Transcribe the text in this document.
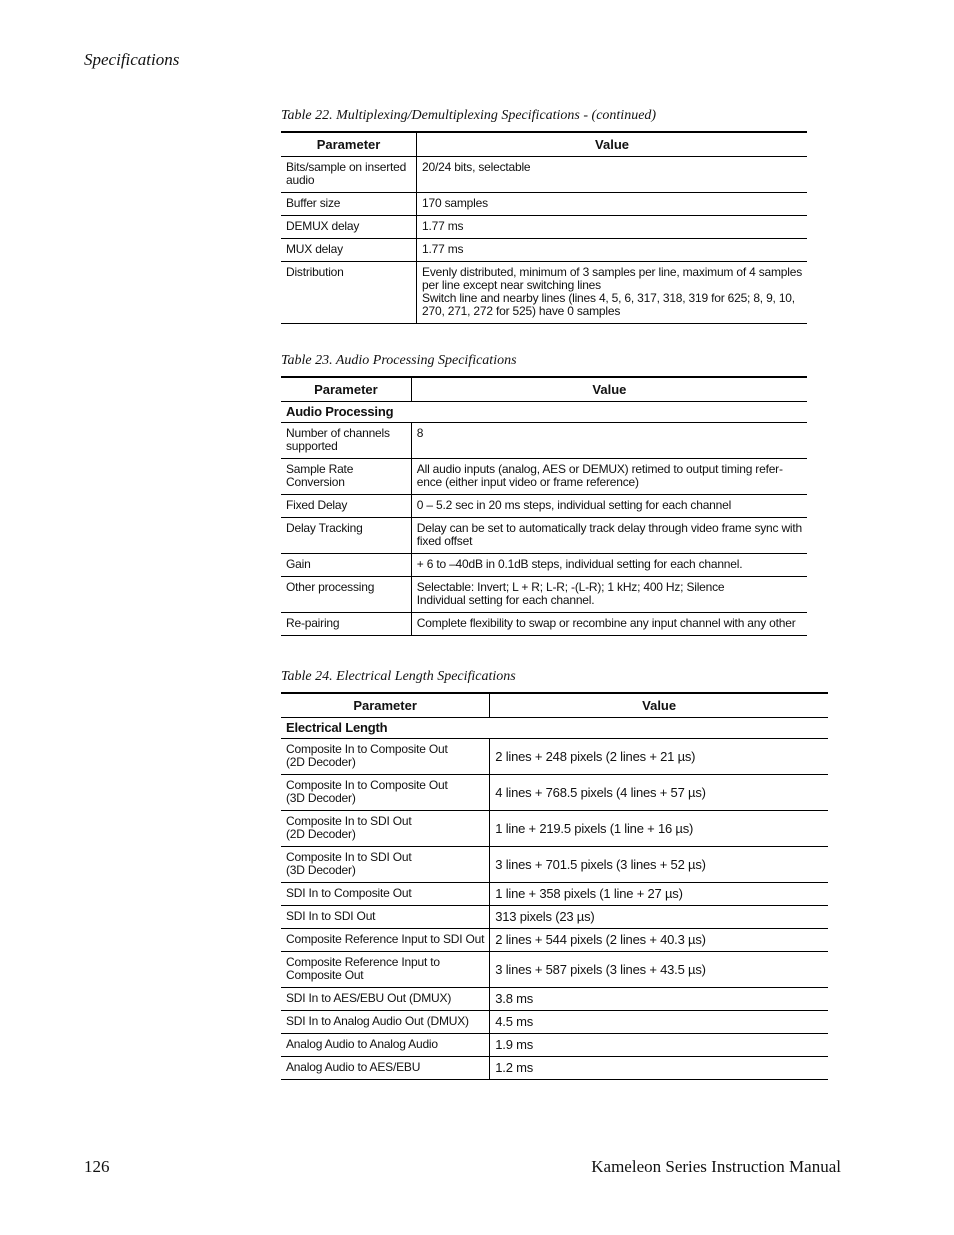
Specifications
Table 22. Multiplexing/Demultiplexing Specifications - (continued)
Parameter	Value
Bits/sample on inserted audio	20/24 bits, selectable

Buffer size	170 samples

DEMUX delay	1.77 ms

MUX delay	1.77 ms

Distribution	Evenly distributed, minimum of 3 samples per line, maximum of 4 samples
per line except near switching lines
Switch line and nearby lines (lines 4, 5, 6, 317, 318, 319 for 625; 8, 9, 10,
270, 271, 272 for 525) have 0 samples
Table 23. Audio Processing Specifications
Parameter	Value
Audio Processing	
Number of channels supported	8

Sample Rate Conversion	All audio inputs (analog, AES or DEMUX) retimed to output timing refer-
ence (either input video or frame reference)

Fixed Delay	0 – 5.2 sec in 20 ms steps, individual setting for each channel

Delay Tracking	Delay can be set to automatically track delay through video frame sync with
fixed offset

Gain	+ 6 to –40dB in 0.1dB steps, individual setting for each channel.

Other processing	Selectable: Invert; L + R; L-R; -(L-R); 1 kHz; 400 Hz; Silence
Individual setting for each channel.

Re-pairing	Complete flexibility to swap or recombine any input channel with any other
Table 24. Electrical Length Specifications
Parameter	Value
Electrical Length	

Composite In to Composite Out
(2D Decoder)	2 lines + 248 pixels (2 lines + 21 µs)

Composite In to Composite Out
(3D Decoder)	4 lines + 768.5 pixels (4 lines + 57 µs)

Composite In to SDI Out
(2D Decoder)	1 line + 219.5 pixels (1 line + 16 µs)

Composite In to SDI Out
(3D Decoder)	3 lines + 701.5 pixels (3 lines + 52 µs)

SDI In to Composite Out	1 line + 358 pixels (1 line + 27 µs)

SDI In to SDI Out	313 pixels (23 µs)

Composite Reference Input to SDI Out	2 lines + 544 pixels (2 lines + 40.3 µs)

Composite Reference Input to
Composite Out	3 lines + 587 pixels (3 lines + 43.5 µs)

SDI In to AES/EBU Out (DMUX)	3.8 ms

SDI In to Analog Audio Out (DMUX)	4.5 ms

Analog Audio to Analog Audio	1.9 ms

Analog Audio to AES/EBU	1.2 ms
126	Kameleon Series Instruction Manual
